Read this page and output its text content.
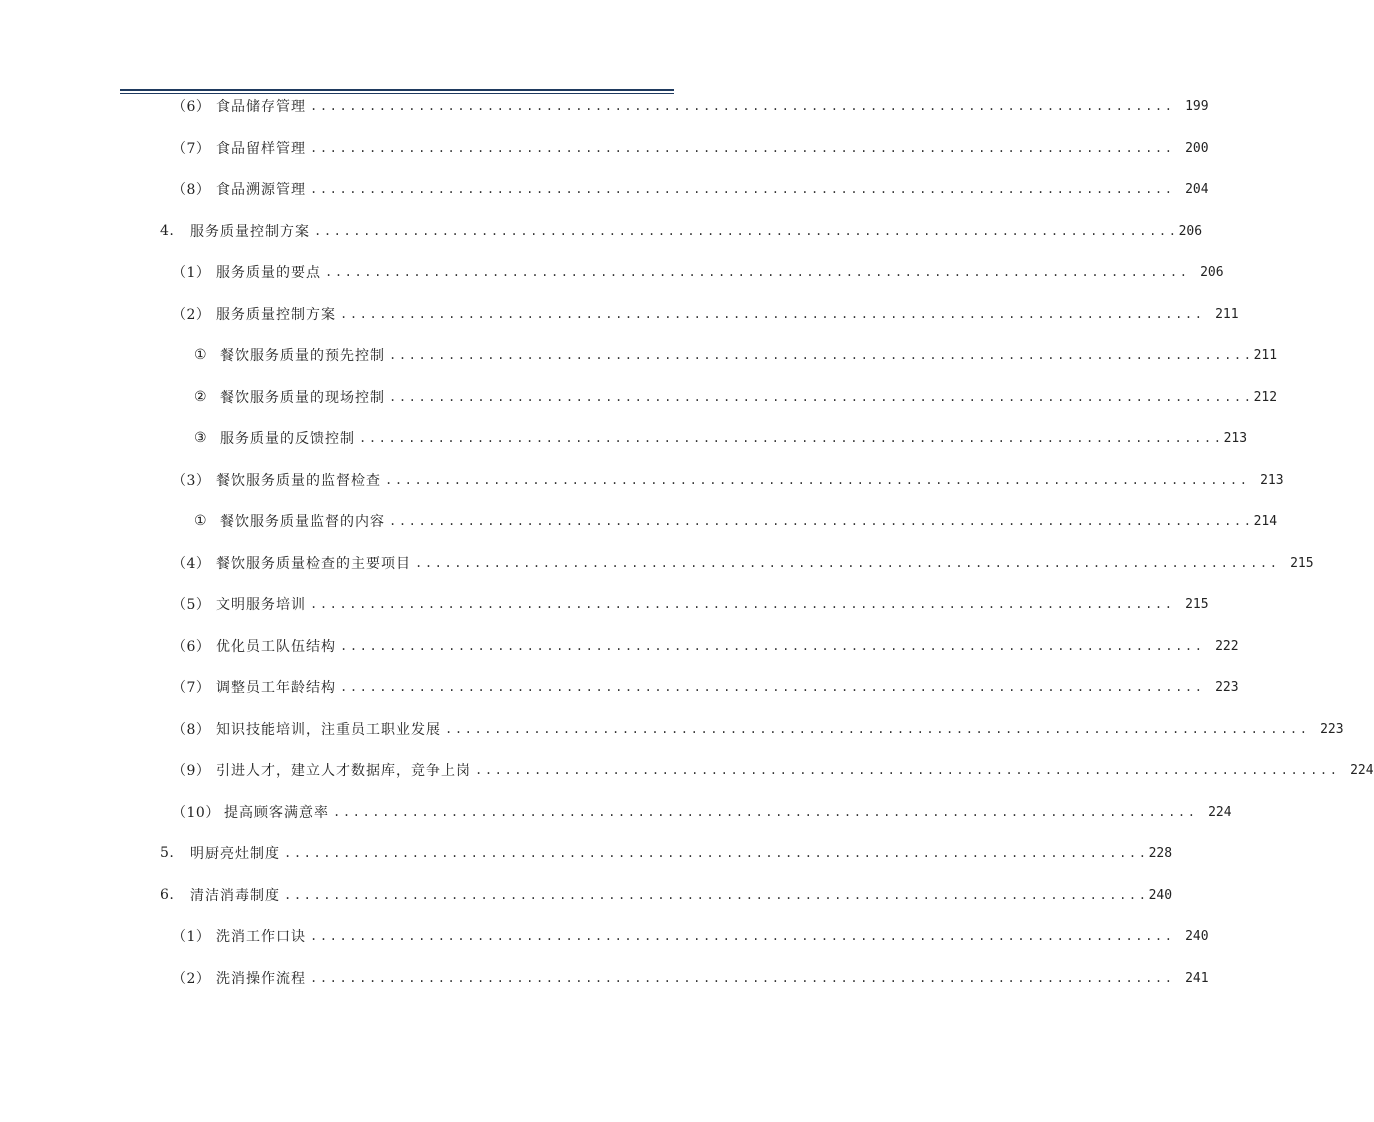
（6） 食品储存管理 ........................................................................................ 199
（7） 食品留样管理 ........................................................................................ 200
（8） 食品溯源管理 ........................................................................................ 204
4.	服务质量控制方案 ........................................................................................ 206
（1） 服务质量的要点 ........................................................................................ 206
（2） 服务质量控制方案 ........................................................................................ 211
① 餐饮服务质量的预先控制 ........................................................................................ 211
② 餐饮服务质量的现场控制 ........................................................................................ 212
③ 服务质量的反馈控制 ........................................................................................ 213
（3） 餐饮服务质量的监督检查 ........................................................................................ 213
① 餐饮服务质量监督的内容 ........................................................................................ 214
（4） 餐饮服务质量检查的主要项目 ........................................................................................ 215
（5） 文明服务培训 ........................................................................................ 215
（6） 优化员工队伍结构 ........................................................................................ 222
（7） 调整员工年龄结构 ........................................................................................ 223
（8） 知识技能培训，注重员工职业发展 ........................................................................................ 223
（9） 引进人才，建立人才数据库，竞争上岗 ........................................................................................ 224
（10） 提高顾客满意率 ........................................................................................ 224
5.	明厨亮灶制度 ........................................................................................ 228
6.	清洁消毒制度 ........................................................................................ 240
（1） 洗消工作口诀 ........................................................................................ 240
（2） 洗消操作流程 ........................................................................................ 241
